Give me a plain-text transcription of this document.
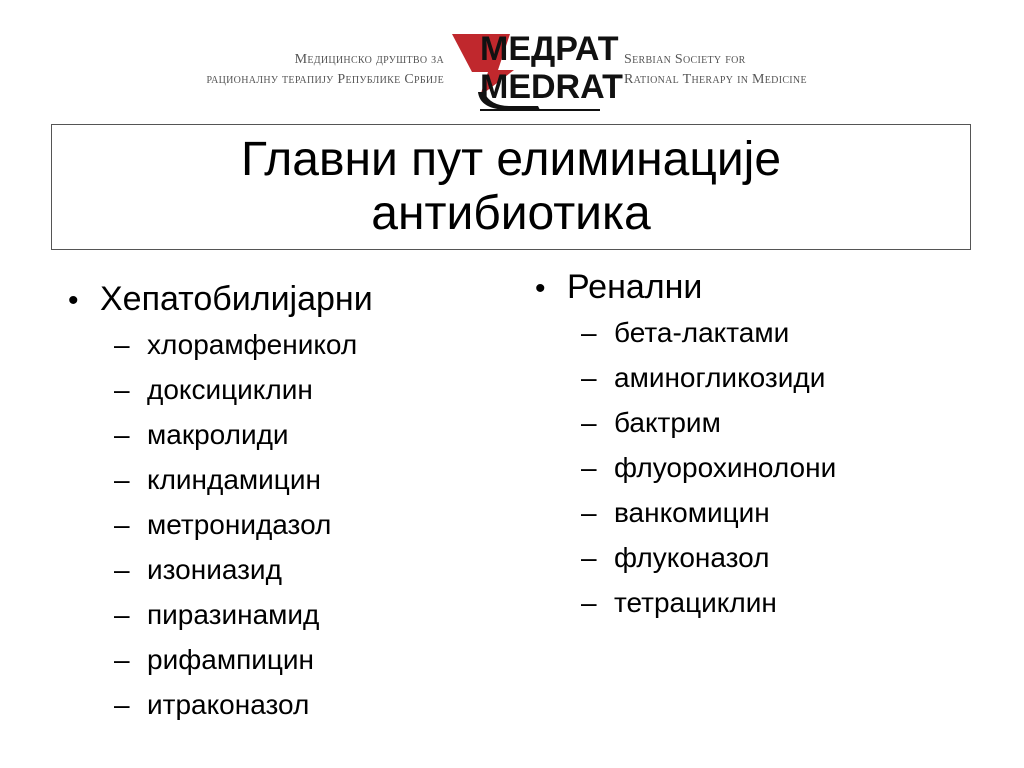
Медицинско друштво за
рационалну терапију Републике Србије
МЕДРАТ
MEDRAT
Serbian Society for
Rational Therapy in Medicine
Главни пут елиминације
антибиотика
• Хепатобилијарни
– хлорамфеникол
– доксициклин
– макролиди
– клиндамицин
– метронидазол
– изониазид
– пиразинамид
– рифампицин
– итраконазол
• Ренални
– бета-лактами
– аминогликозиди
– бактрим
– флуорохинолони
– ванкомицин
– флуконазол
– тетрациклин
